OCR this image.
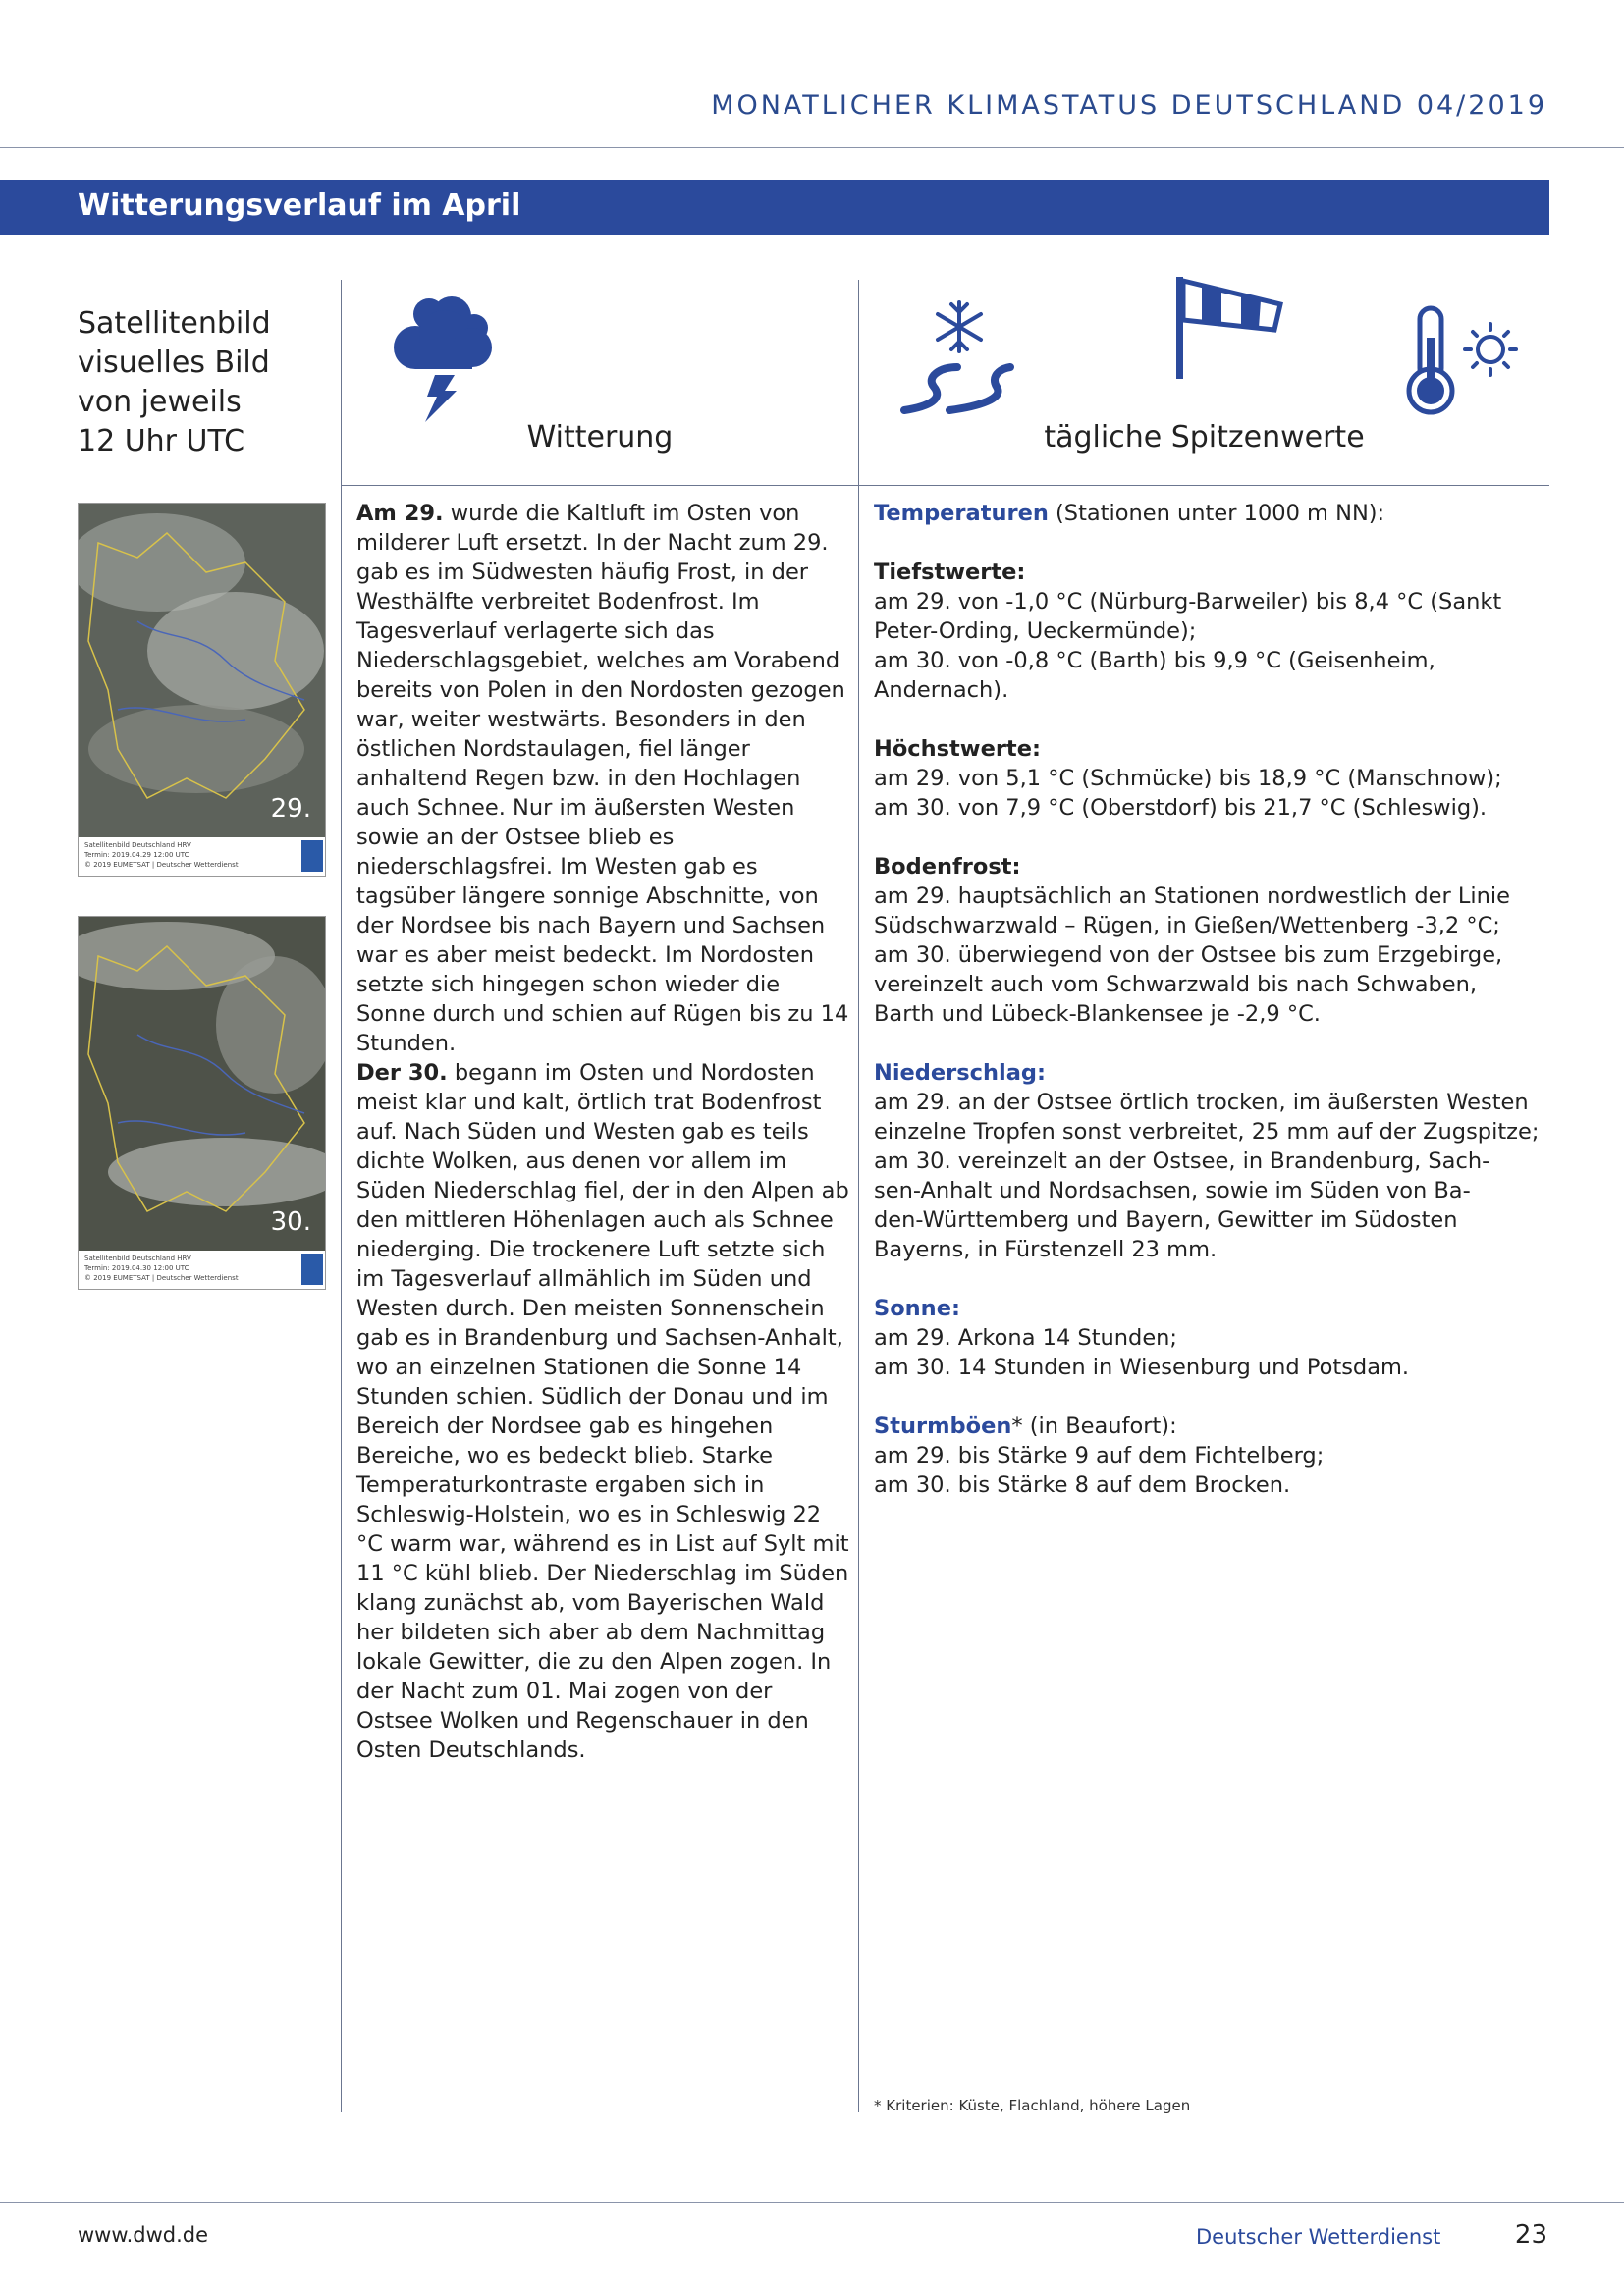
MONATLICHER KLIMASTATUS DEUTSCHLAND 04/2019
Witterungsverlauf im April
Satellitenbild
visuelles Bild
von jeweils
12 Uhr UTC	Witterung	tägliche Spitzenwerte
29.
Satellitenbild Deutschland HRV
Termin: 2019.04.29 12:00 UTC
© 2019 EUMETSAT | Deutscher Wetterdienst
30.
Satellitenbild Deutschland HRV
Termin: 2019.04.30 12:00 UTC
© 2019 EUMETSAT | Deutscher Wetterdienst

Am 29. wurde die Kaltluft im Osten von milderer Luft ersetzt. In der Nacht zum 29. gab es im Südwesten häufig Frost, in der Westhälfte verbreitet Bodenfrost. Im Tagesverlauf verlagerte sich das Niederschlagsgebiet, welches am Vorabend bereits von Polen in den Nordosten gezogen war, weiter westwärts. Besonders in den östlichen Nordstaulagen, fiel länger anhaltend Regen bzw. in den Hochlagen auch Schnee. Nur im äußersten Westen sowie an der Ostsee blieb es niederschlagsfrei. Im Westen gab es tagsüber längere sonnige Abschnitte, von der Nordsee bis nach Bayern und Sachsen war es aber meist bedeckt. Im Nordosten setzte sich hingegen schon wieder die Sonne durch und schien auf Rügen bis zu 14 Stunden.

Der 30. begann im Osten und Nordosten meist klar und kalt, örtlich trat Bodenfrost auf. Nach Süden und Westen gab es teils dichte Wolken, aus denen vor allem im Süden Niederschlag fiel, der in den Alpen ab den mittleren Höhenlagen auch als Schnee niederging. Die trockenere Luft setzte sich im Tagesverlauf allmählich im Süden und Westen durch. Den meisten Sonnenschein gab es in Brandenburg und Sachsen-Anhalt, wo an einzelnen Stationen die Sonne 14 Stunden schien. Südlich der Donau und im Bereich der Nordsee gab es hingehen Bereiche, wo es bedeckt blieb. Starke Temperaturkontraste ergaben sich in Schleswig-Holstein, wo es in Schleswig 22 °C warm war, während es in List auf Sylt mit 11 °C kühl blieb. Der Niederschlag im Süden klang zunächst ab, vom Bayerischen Wald her bildeten sich aber ab dem Nachmittag lokale Gewitter, die zu den Alpen zogen. In der Nacht zum 01. Mai zogen von der Ostsee Wolken und Regenschauer in den Osten Deutschlands.

Temperaturen (Stationen unter 1000 m NN):
Tiefstwerte:
am 29. von -1,0 °C (Nürburg-Barweiler) bis 8,4 °C (Sankt
Peter-Ording, Ueckermünde);
am 30. von -0,8 °C (Barth) bis 9,9 °C (Geisenheim,
Andernach).
Höchstwerte:
am 29. von 5,1 °C (Schmücke) bis 18,9 °C (Manschnow);
am 30. von 7,9 °C (Oberstdorf) bis 21,7 °C (Schleswig).
Bodenfrost:
am 29. hauptsächlich an Stationen nordwestlich der Linie
Südschwarzwald – Rügen, in Gießen/Wettenberg -3,2 °C;
am 30. überwiegend von der Ostsee bis zum Erzgebirge,
vereinzelt auch vom Schwarzwald bis nach Schwaben,
Barth und Lübeck-Blankensee je -2,9 °C.
Niederschlag:
am 29. an der Ostsee örtlich trocken, im äußersten Westen
einzelne Tropfen sonst verbreitet, 25 mm auf der Zugspitze;
am 30. vereinzelt an der Ostsee, in Brandenburg, Sach-
sen-Anhalt und Nordsachsen, sowie im Süden von Ba-
den-Württemberg und Bayern, Gewitter im Südosten
Bayerns, in Fürstenzell 23 mm.
Sonne:
am 29. Arkona 14 Stunden;
am 30. 14 Stunden in Wiesenburg und Potsdam.
Sturmböen* (in Beaufort):
am 29. bis Stärke 9 auf dem Fichtelberg;
am 30. bis Stärke 8 auf dem Brocken.
* Kriterien: Küste, Flachland, höhere Lagen
www.dwd.de	Deutscher Wetterdienst	23
